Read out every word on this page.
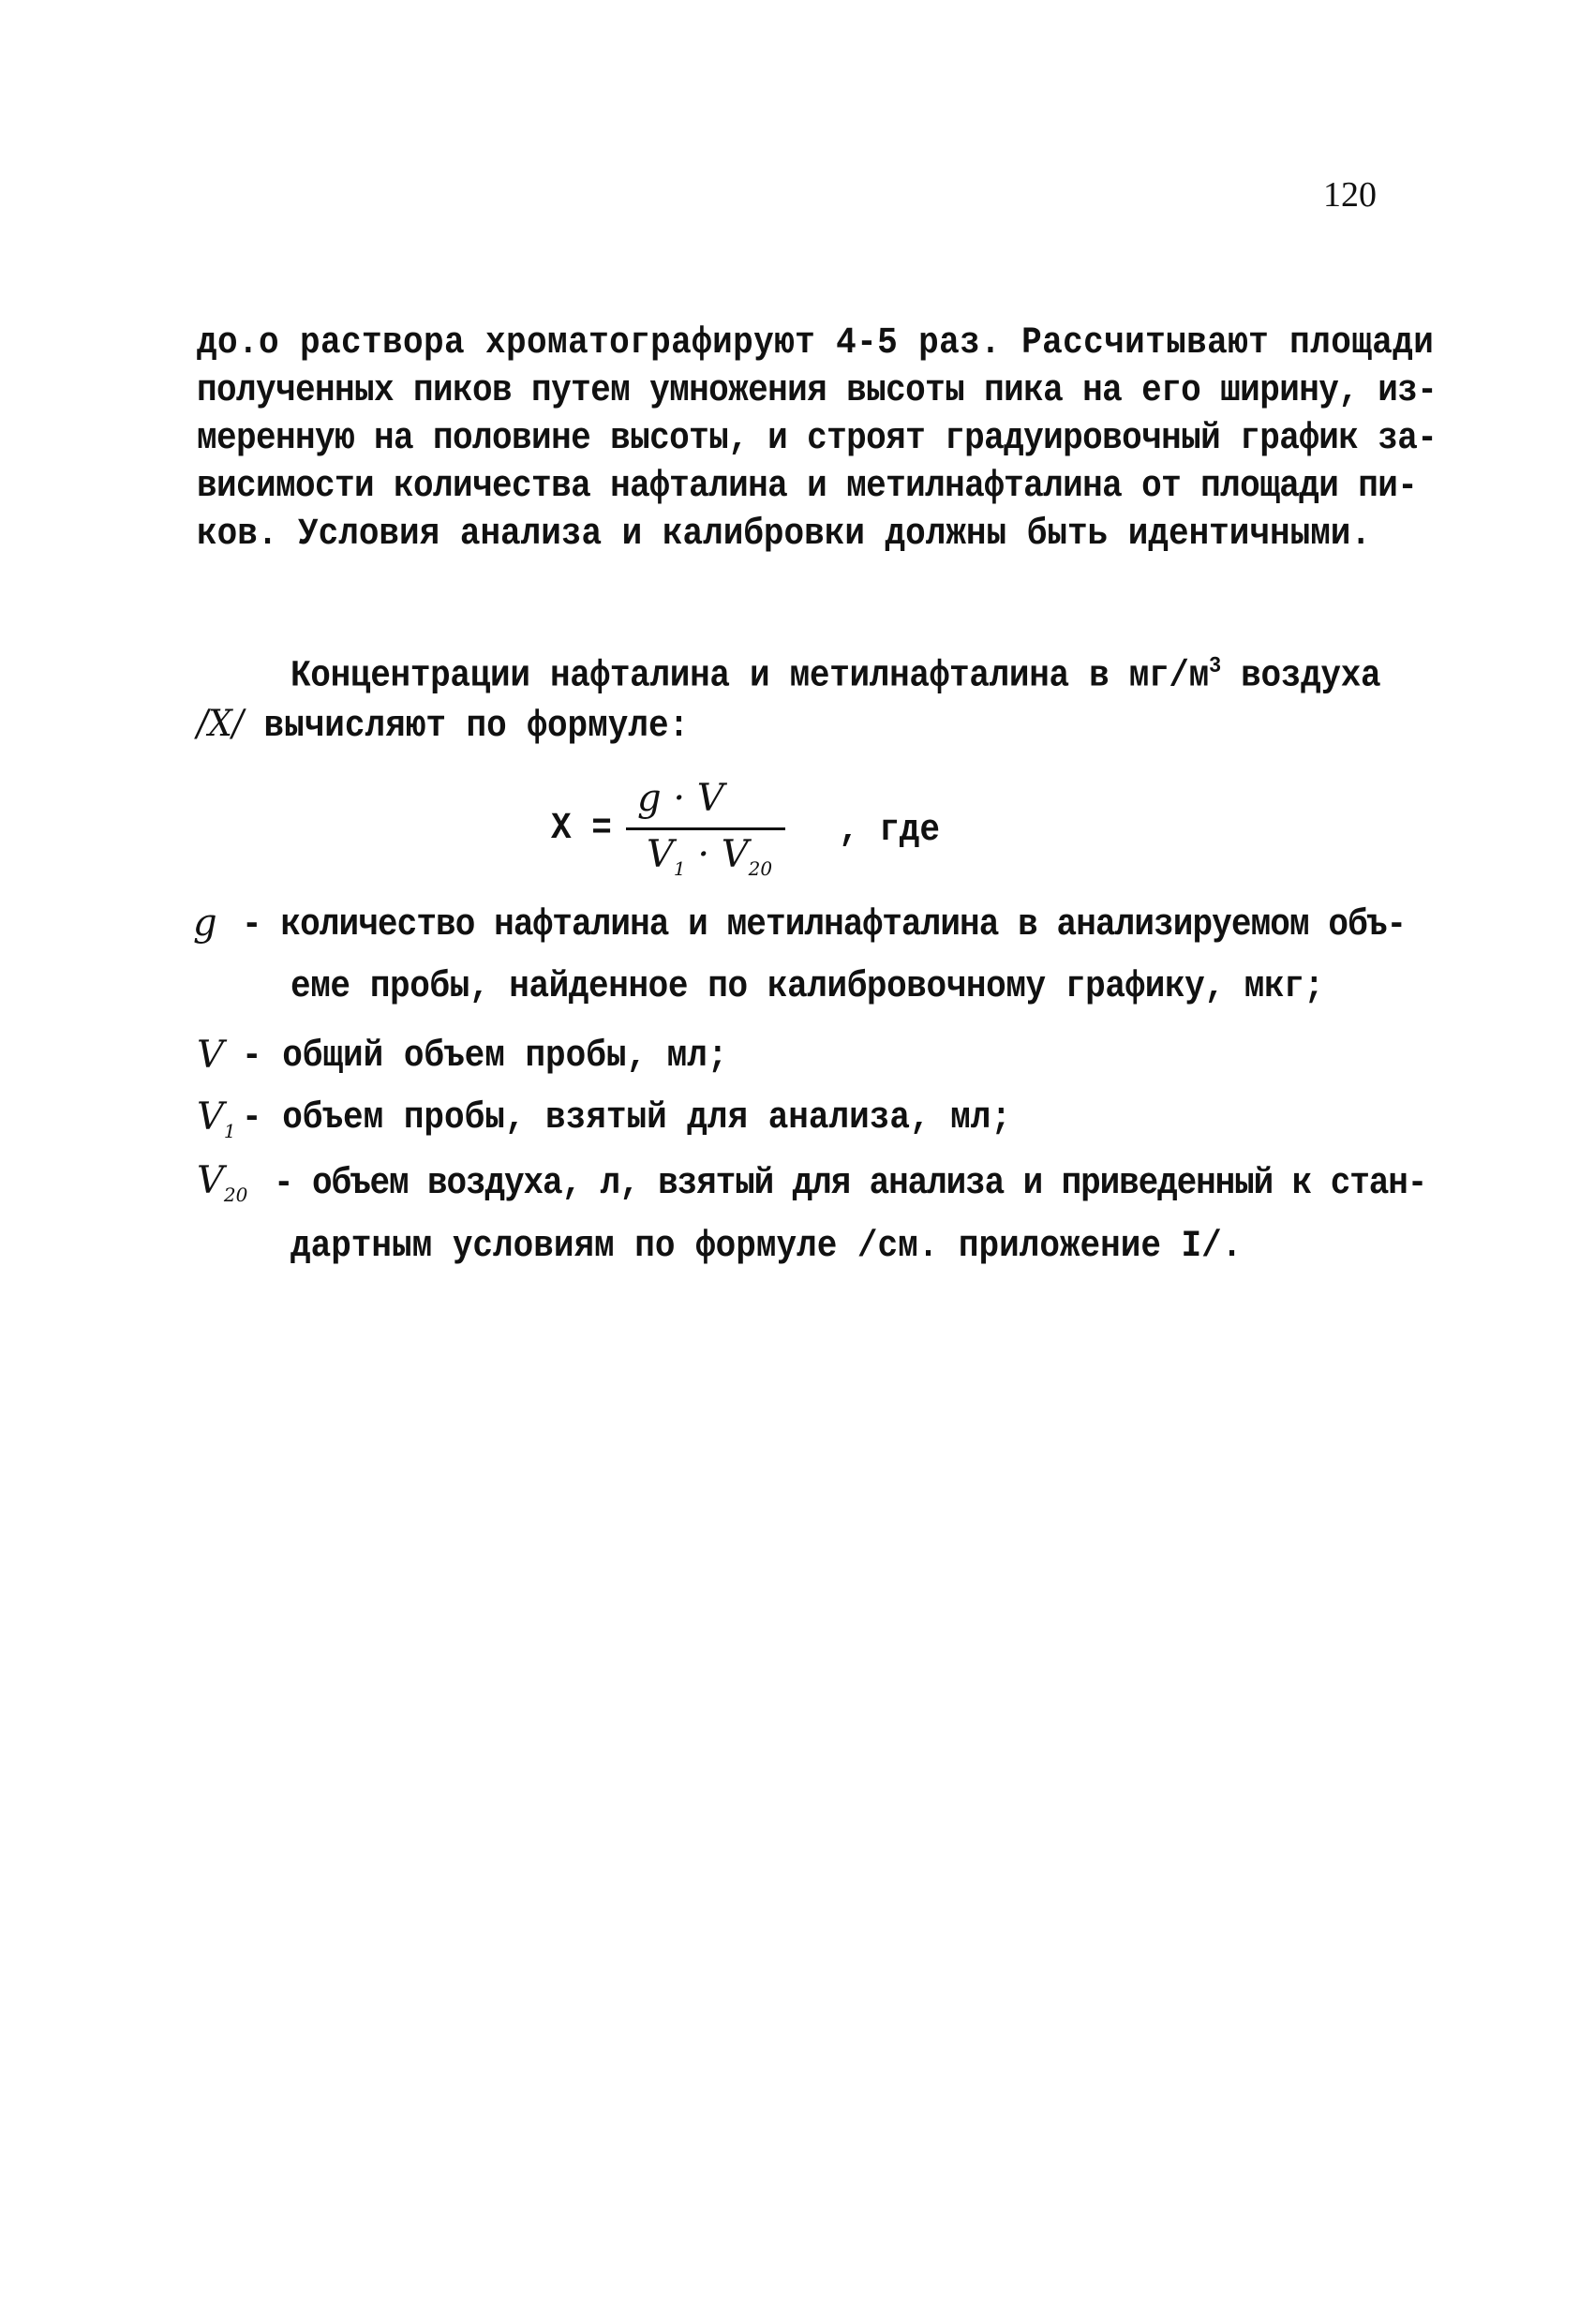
120
до.о раствора хроматографируют 4-5 раз. Рассчитывают площади
полученных пиков путем умножения высоты пика на его ширину, из-
меренную на половине высоты, и строят градуировочный график за-
висимости количества нафталина и метилнафталина от площади пи-
ков. Условия анализа и калибровки должны быть идентичными.
Концентрации нафталина и метилнафталина в $мг/м^3$ воздуха
/X/ вычисляют по формуле:
X =
g · V
$V_1 \cdot V_{20}$
, где
g - количество нафталина и метилнафталина в анализируемом объ-
еме пробы, найденное по калибровочному графику, мкг;
V - общий объем пробы, мл;
$V_1$ - объем пробы, взятый для анализа, мл;
$V_{20}$ - объем воздуха, л, взятый для анализа и приведенный к стан-
дартным условиям по формуле /см. приложение I/.
